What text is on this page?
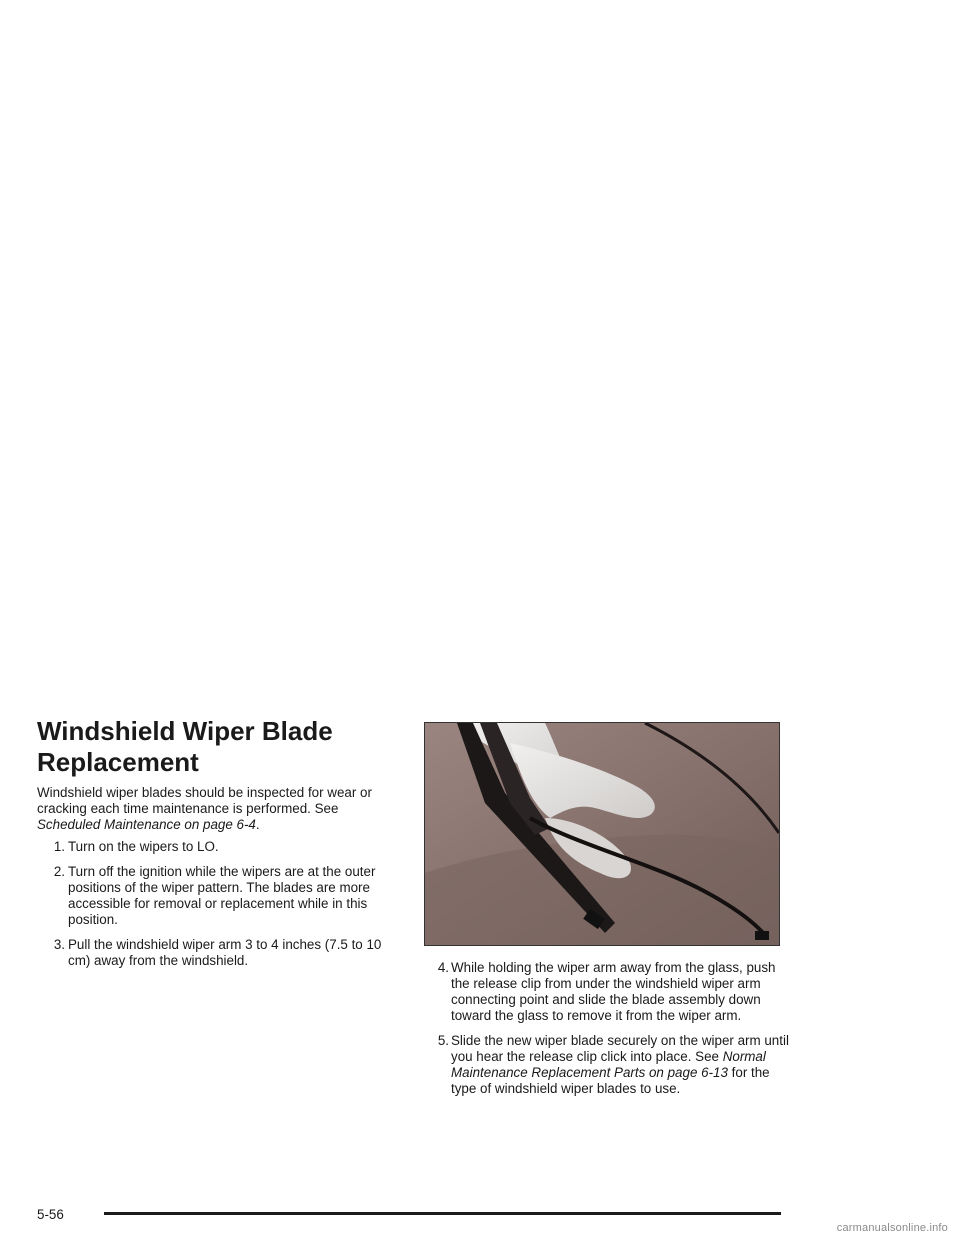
Windshield Wiper Blade Replacement

Windshield wiper blades should be inspected for wear or cracking each time maintenance is performed. See Scheduled Maintenance on page 6-4.

1. Turn on the wipers to LO.
2. Turn off the ignition while the wipers are at the outer positions of the wiper pattern. The blades are more accessible for removal or replacement while in this position.
3. Pull the windshield wiper arm 3 to 4 inches (7.5 to 10 cm) away from the windshield.	4. While holding the wiper arm away from the glass, push the release clip from under the windshield wiper arm connecting point and slide the blade assembly down toward the glass to remove it from the wiper arm.
5. Slide the new wiper blade securely on the wiper arm until you hear the release clip click into place. See Normal Maintenance Replacement Parts on page 6-13 for the type of windshield wiper blades to use.
5-56
carmanualsonline.info
